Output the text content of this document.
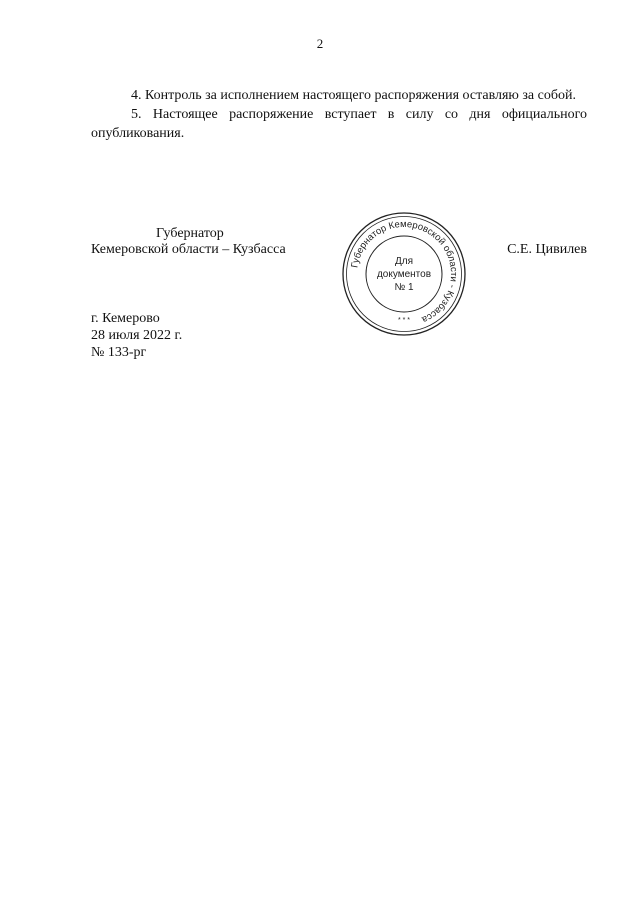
2

4. Контроль за исполнением настоящего распоряжения оставляю за собой.

5. Настоящее распоряжение вступает в силу со дня официального опубликования.

Губернатор
Кемеровской области – Кузбасса	С.Е. Цивилев
Губернатор Кемеровской области - Кузбасса
Для
документов
№ 1
* * *
г. Кемерово
28 июля 2022 г.
№ 133-рг
